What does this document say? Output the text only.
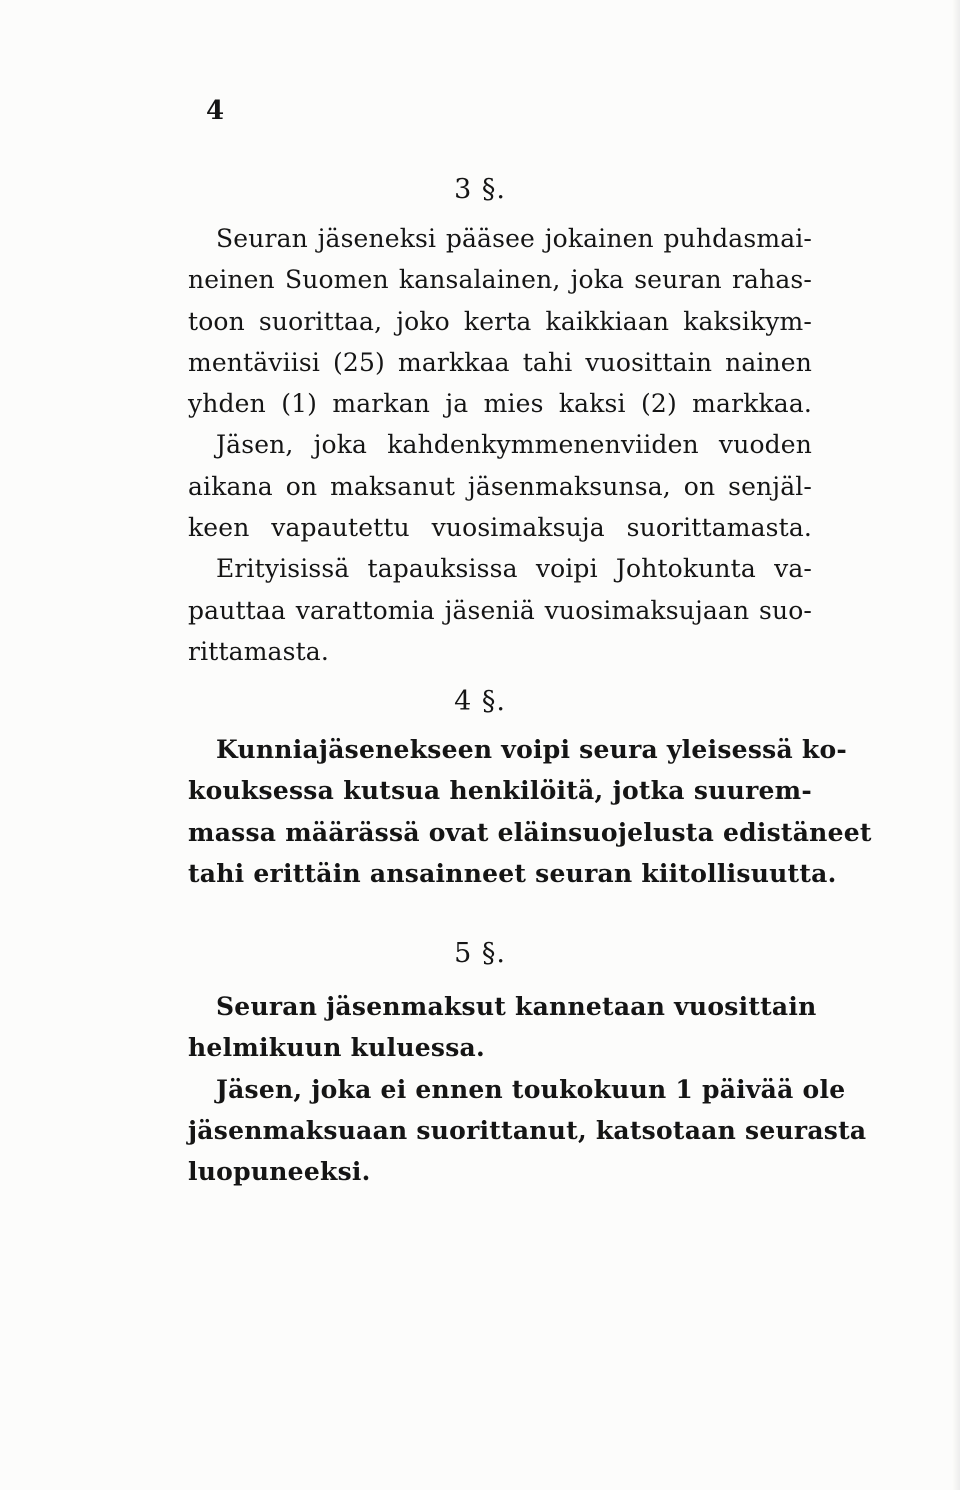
4
3 §.
Seuran jäseneksi pääsee jokainen puhdasmai-
neinen Suomen kansalainen, joka seuran rahas-
toon suorittaa, joko kerta kaikkiaan kaksikym-
mentäviisi (25) markkaa tahi vuosittain nainen
yhden (1) markan ja mies kaksi (2) markkaa.
Jäsen, joka kahdenkymmenenviiden vuoden
aikana on maksanut jäsenmaksunsa, on senjäl-
keen vapautettu vuosimaksuja suorittamasta.
Erityisissä tapauksissa voipi Johtokunta va-
pauttaa varattomia jäseniä vuosimaksujaan suo-
rittamasta.
4 §.
Kunniajäsenekseen voipi seura yleisessä ko-
kouksessa kutsua henkilöitä, jotka suurem-
massa määrässä ovat eläinsuojelusta edistäneet
tahi erittäin ansainneet seuran kiitollisuutta.
5 §.
Seuran jäsenmaksut kannetaan vuosittain
helmikuun kuluessa.
Jäsen, joka ei ennen toukokuun 1 päivää ole
jäsenmaksuaan suorittanut, katsotaan seurasta
luopuneeksi.
